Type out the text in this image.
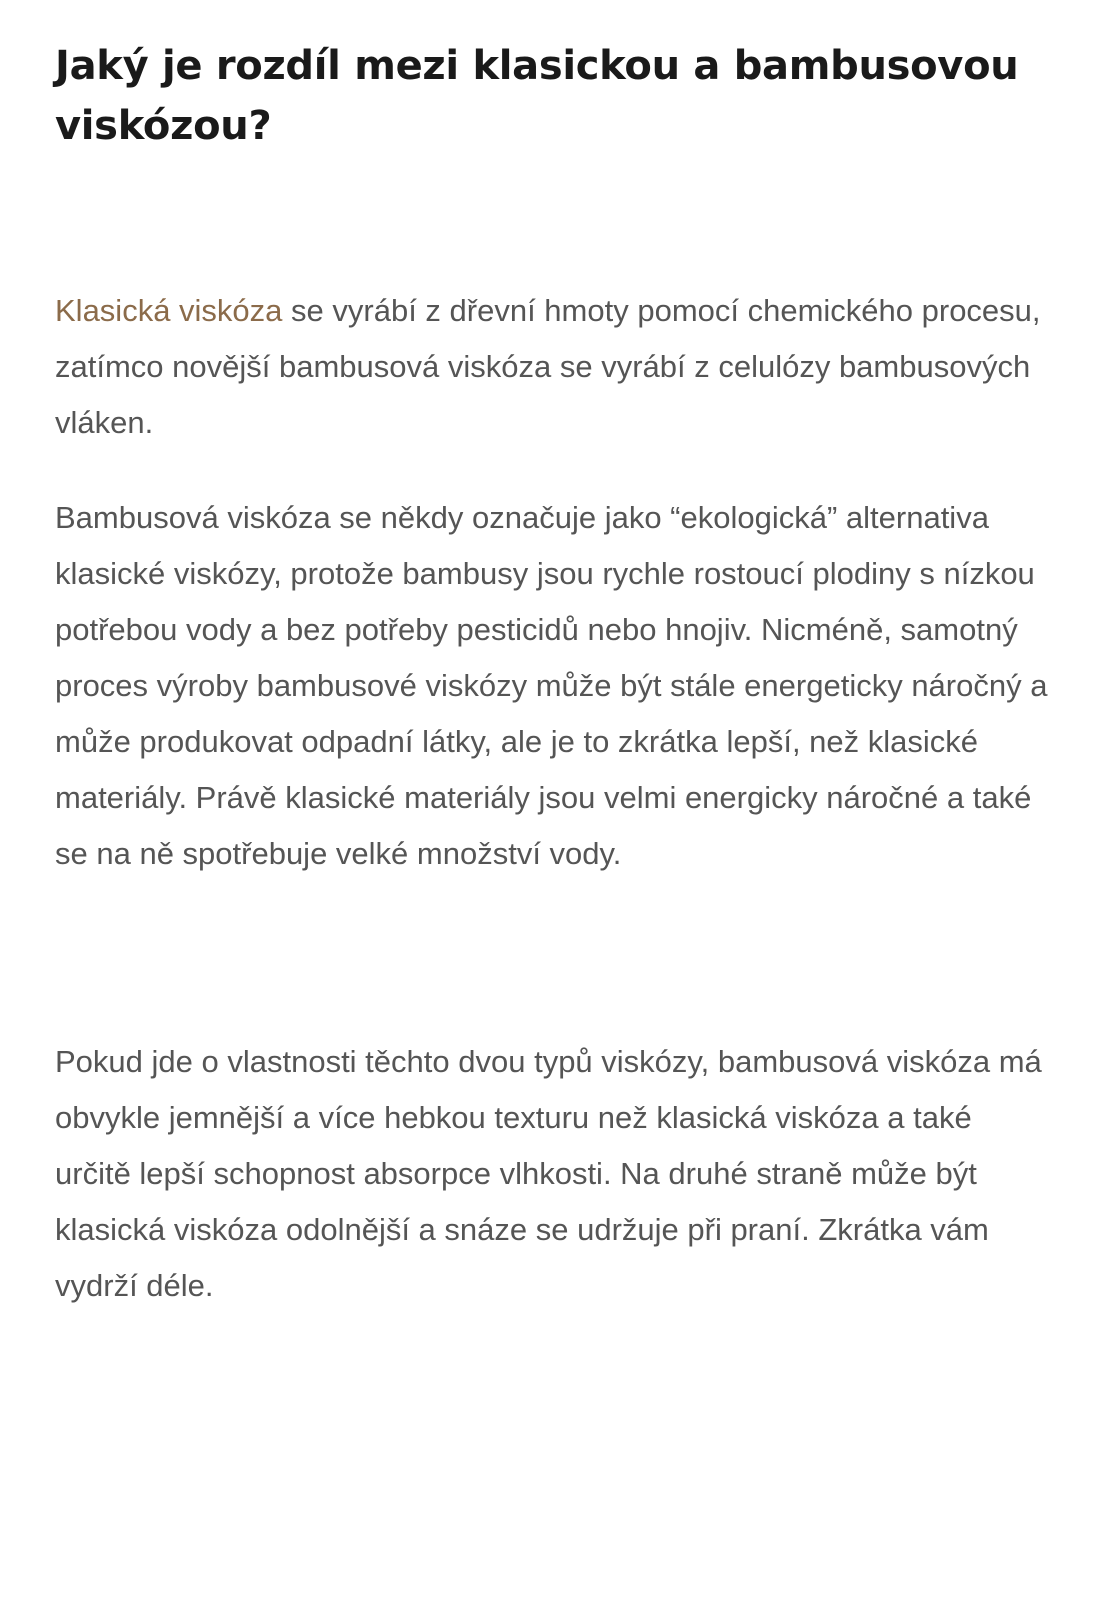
Jaký je rozdíl mezi klasickou a bambusovou viskózou?

Klasická viskóza se vyrábí z dřevní hmoty pomocí chemického procesu, zatímco novější bambusová viskóza se vyrábí z celulózy bambusových vláken.

Bambusová viskóza se někdy označuje jako “ekologická” alternativa klasické viskózy, protože bambusy jsou rychle rostoucí plodiny s nízkou potřebou vody a bez potřeby pesticidů nebo hnojiv. Nicméně, samotný proces výroby bambusové viskózy může být stále energeticky náročný a může produkovat odpadní látky, ale je to zkrátka lepší, než klasické materiály. Právě klasické materiály jsou velmi energicky náročné a také se na ně spotřebuje velké množství vody.

Pokud jde o vlastnosti těchto dvou typů viskózy, bambusová viskóza má obvykle jemnější a více hebkou texturu než klasická viskóza a také určitě lepší schopnost absorpce vlhkosti. Na druhé straně může být klasická viskóza odolnější a snáze se udržuje při praní. Zkrátka vám vydrží déle.
